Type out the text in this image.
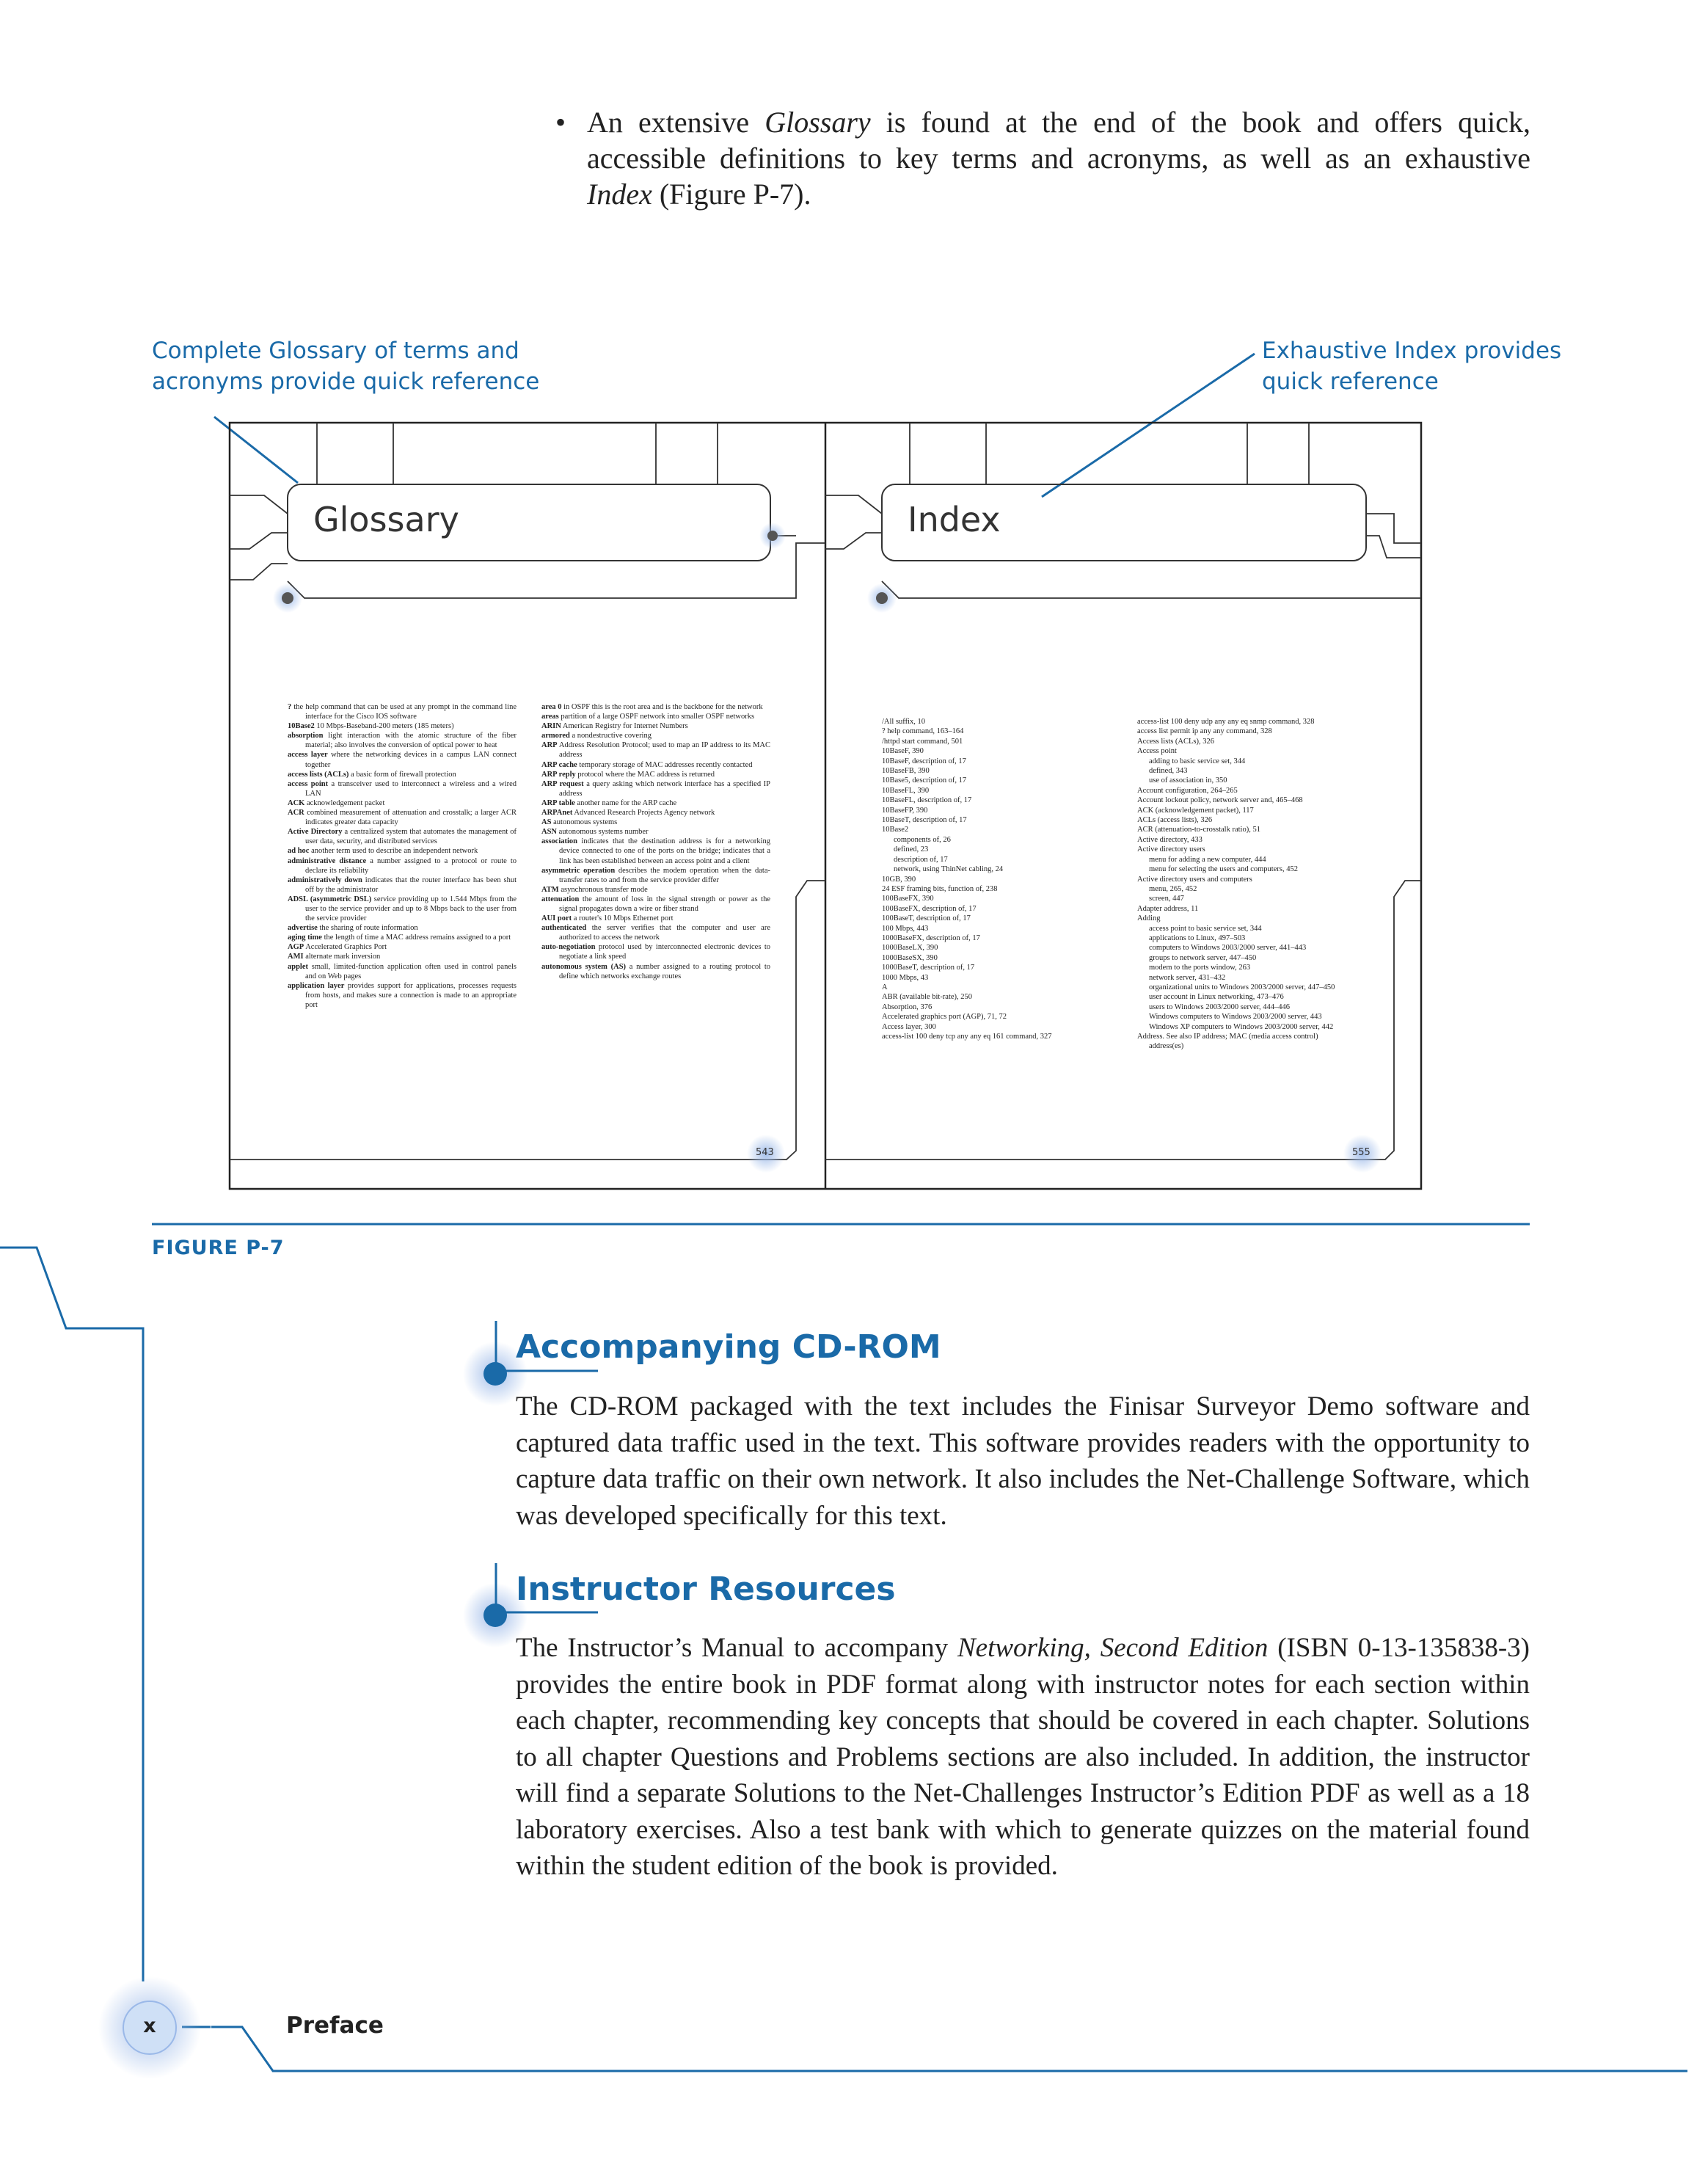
• An extensive Glossary is found at the end of the book and offers quick, accessible definitions to key terms and acronyms, as well as an exhaustive Index (Figure P-7).
Complete Glossary of terms and
acronyms provide quick reference
Exhaustive Index provides
quick reference
Glossary	Index

? the help command that can be used at any prompt in the command line interface for the Cisco IOS software

10Base2 10 Mbps-Baseband-200 meters (185 meters)

absorption light interaction with the atomic structure of the fiber material; also involves the conversion of optical power to heat

access layer where the networking devices in a campus LAN connect together

access lists (ACLs) a basic form of firewall protection

access point a transceiver used to interconnect a wireless and a wired LAN

ACK acknowledgement packet

ACR combined measurement of attenuation and crosstalk; a larger ACR indicates greater data capacity

Active Directory a centralized system that automates the management of user data, security, and distributed services

ad hoc another term used to describe an independent network

administrative distance a number assigned to a protocol or route to declare its reliability

administratively down indicates that the router interface has been shut off by the administrator

ADSL (asymmetric DSL) service providing up to 1.544 Mbps from the user to the service provider and up to 8 Mbps back to the user from the service provider

advertise the sharing of route information

aging time the length of time a MAC address remains assigned to a port

AGP Accelerated Graphics Port

AMI alternate mark inversion

applet small, limited-function application often used in control panels and on Web pages

application layer provides support for applications, processes requests from hosts, and makes sure a connection is made to an appropriate port

area 0 in OSPF this is the root area and is the backbone for the network

areas partition of a large OSPF network into smaller OSPF networks

ARIN American Registry for Internet Numbers

armored a nondestructive covering

ARP Address Resolution Protocol; used to map an IP address to its MAC address

ARP cache temporary storage of MAC addresses recently contacted

ARP reply protocol where the MAC address is returned

ARP request a query asking which network interface has a specified IP address

ARP table another name for the ARP cache

ARPAnet Advanced Research Projects Agency network

AS autonomous systems

ASN autonomous systems number

association indicates that the destination address is for a networking device connected to one of the ports on the bridge; indicates that a link has been established between an access point and a client

asymmetric operation describes the modem operation when the data-transfer rates to and from the service provider differ

ATM asynchronous transfer mode

attenuation the amount of loss in the signal strength or power as the signal propagates down a wire or fiber strand

AUI port a router's 10 Mbps Ethernet port

authenticated the server verifies that the computer and user are authorized to access the network

auto-negotiation protocol used by interconnected electronic devices to negotiate a link speed

autonomous system (AS) a number assigned to a routing protocol to define which networks exchange routes

/All suffix, 10
? help command, 163–164
/httpd start command, 501
10BaseF, 390
10BaseF, description of, 17
10BaseFB, 390
10Base5, description of, 17
10BaseFL, 390
10BaseFL, description of, 17
10BaseFP, 390
10BaseT, description of, 17
10Base2
components of, 26
defined, 23
description of, 17
network, using ThinNet cabling, 24
10GB, 390
24 ESF framing bits, function of, 238
100BaseFX, 390
100BaseFX, description of, 17
100BaseT, description of, 17
100 Mbps, 443
1000BaseFX, description of, 17
1000BaseLX, 390
1000BaseSX, 390
1000BaseT, description of, 17
1000 Mbps, 43
A
ABR (available bit-rate), 250
Absorption, 376
Accelerated graphics port (AGP), 71, 72
Access layer, 300
access-list 100 deny tcp any any eq 161 command, 327
access-list 100 deny udp any any eq snmp command, 328
access list permit ip any any command, 328
Access lists (ACLs), 326
Access point
adding to basic service set, 344
defined, 343
use of association in, 350
Account configuration, 264–265
Account lockout policy, network server and, 465–468
ACK (acknowledgement packet), 117
ACLs (access lists), 326
ACR (attenuation-to-crosstalk ratio), 51
Active directory, 433
Active directory users
menu for adding a new computer, 444
menu for selecting the users and computers, 452
Active directory users and computers
menu, 265, 452
screen, 447
Adapter address, 11
Adding
access point to basic service set, 344
applications to Linux, 497–503
computers to Windows 2003/2000 server, 441–443
groups to network server, 447–450
modem to the ports window, 263
network server, 431–432
organizational units to Windows 2003/2000 server, 447–450
user account in Linux networking, 473–476
users to Windows 2003/2000 server, 444–446
Windows computers to Windows 2003/2000 server, 443
Windows XP computers to Windows 2003/2000 server, 442
Address. See also IP address; MAC (media access control)
address(es)
543	555
FIGURE P-7
Accompanying CD-ROM
The CD-ROM packaged with the text includes the Finisar Surveyor Demo software and captured data traffic used in the text. This software provides readers with the opportunity to capture data traffic on their own network. It also includes the Net-Challenge Software, which was developed specifically for this text.
Instructor Resources
The Instructor’s Manual to accompany Networking, Second Edition (ISBN 0-13-135838-3) provides the entire book in PDF format along with instructor notes for each section within each chapter, recommending key concepts that should be covered in each chapter. Solutions to all chapter Questions and Problems sections are also included. In addition, the instructor will find a separate Solutions to the Net-Challenges Instructor’s Edition PDF as well as a 18 laboratory exercises. Also a test bank with which to generate quizzes on the material found within the student edition of the book is provided.
x	Preface
